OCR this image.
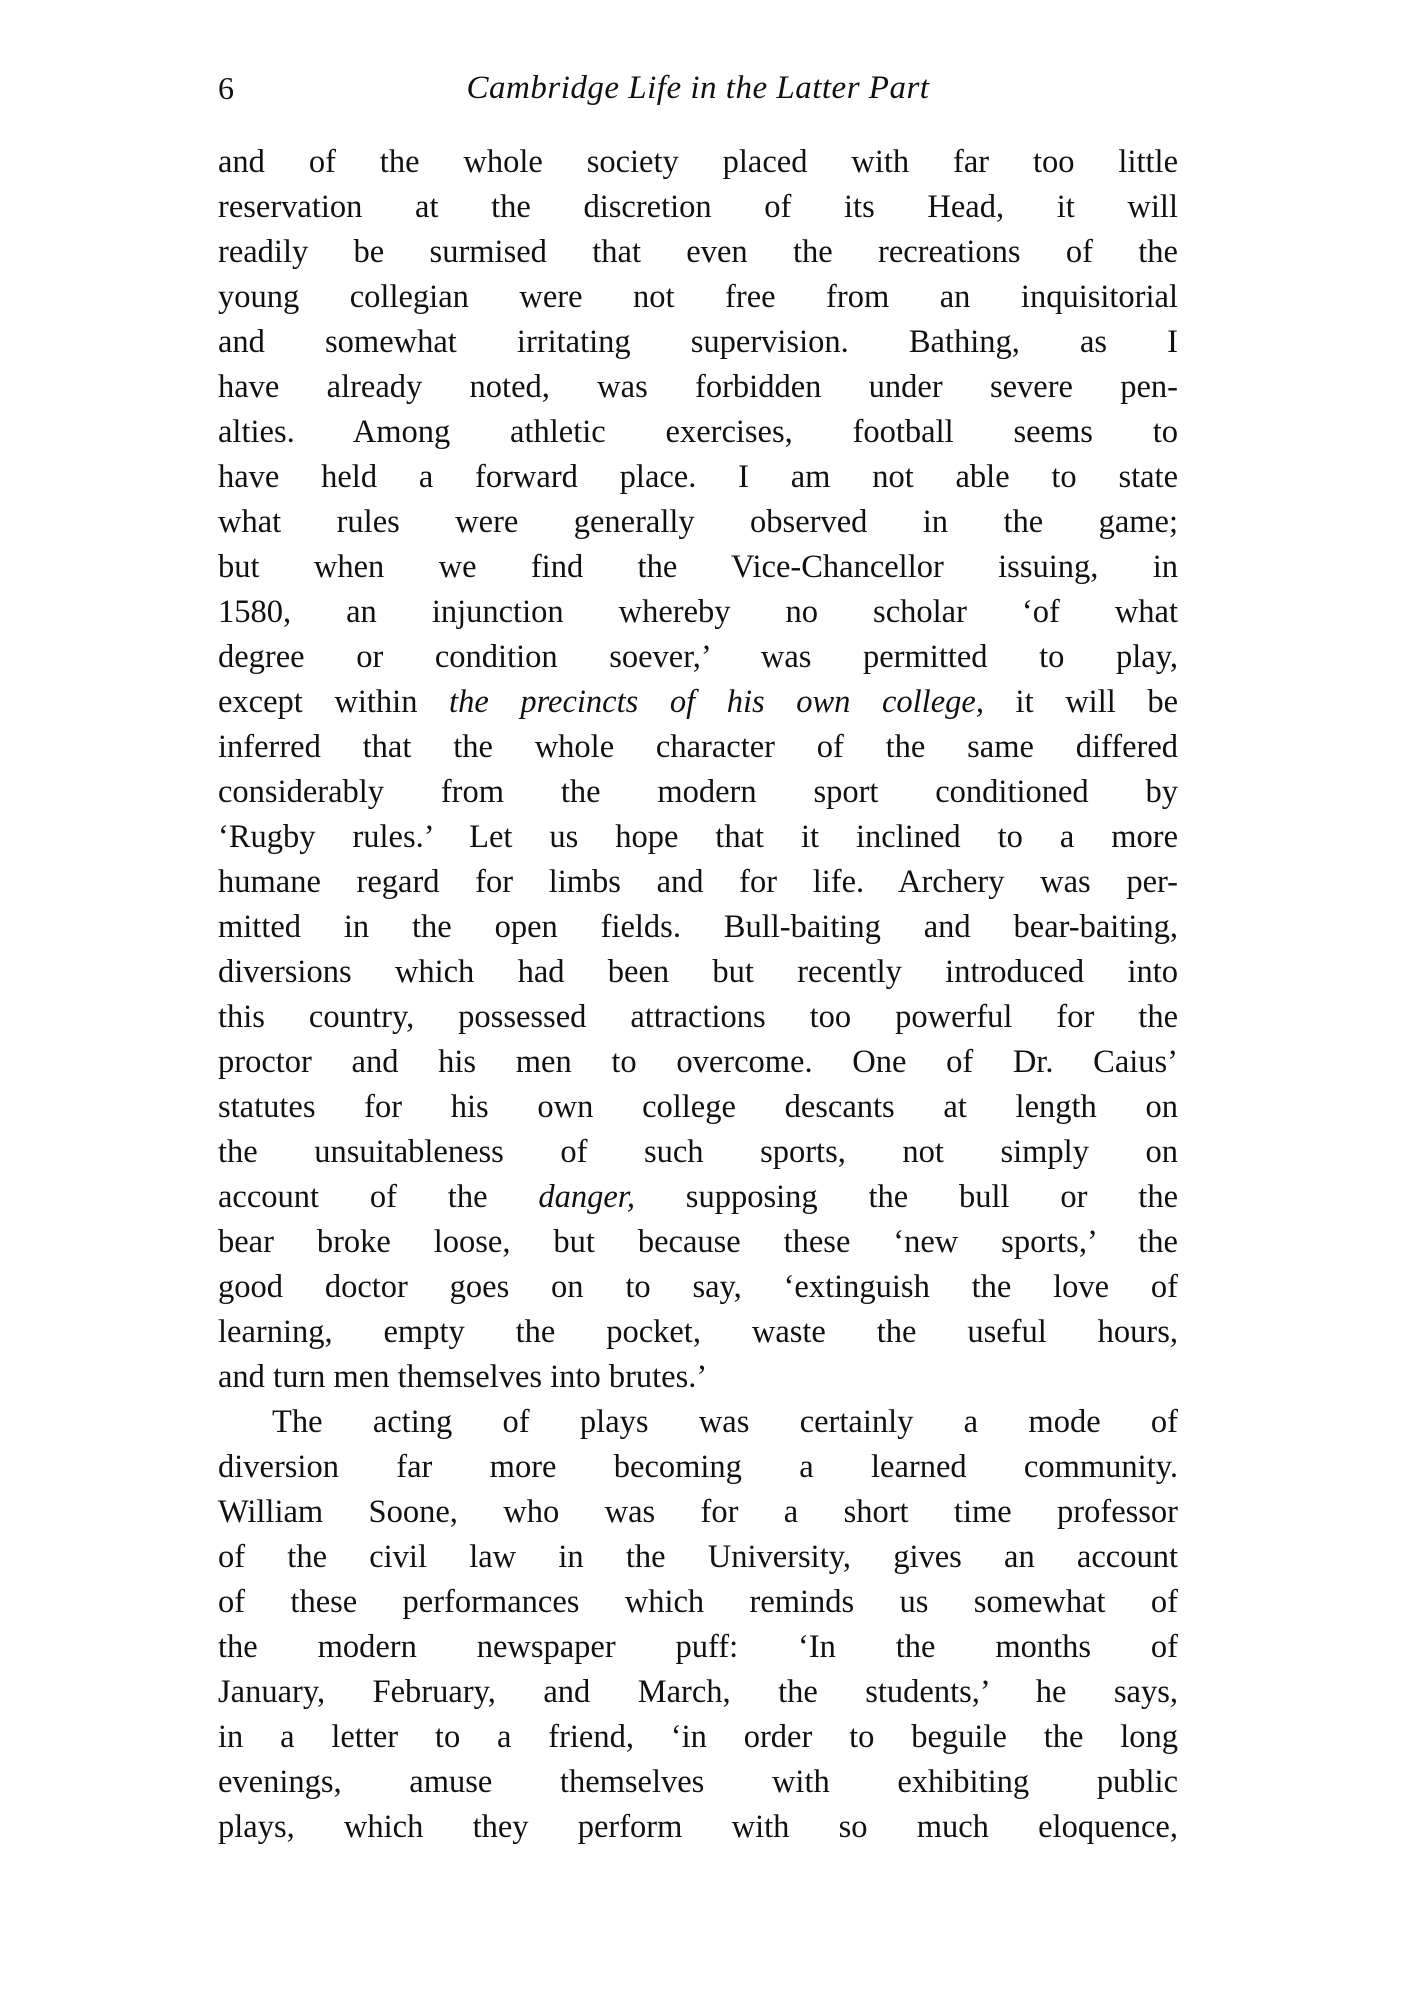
6	Cambridge Life in the Latter Part
and of the whole society placed with far too little
reservation at the discretion of its Head, it will
readily be surmised that even the recreations of the
young collegian were not free from an inquisitorial
and somewhat irritating supervision. Bathing, as I
have already noted, was forbidden under severe pen-
alties. Among athletic exercises, football seems to
have held a forward place. I am not able to state
what rules were generally observed in the game;
but when we find the Vice-Chancellor issuing, in
1580, an injunction whereby no scholar ‘of what
degree or condition soever,’ was permitted to play,
except within the precincts of his own college, it will be
inferred that the whole character of the same differed
considerably from the modern sport conditioned by
‘Rugby rules.’ Let us hope that it inclined to a more
humane regard for limbs and for life. Archery was per-
mitted in the open fields. Bull-baiting and bear-baiting,
diversions which had been but recently introduced into
this country, possessed attractions too powerful for the
proctor and his men to overcome. One of Dr. Caius’
statutes for his own college descants at length on
the unsuitableness of such sports, not simply on
account of the danger, supposing the bull or the
bear broke loose, but because these ‘new sports,’ the
good doctor goes on to say, ‘extinguish the love of
learning, empty the pocket, waste the useful hours,
and turn men themselves into brutes.’
The acting of plays was certainly a mode of
diversion far more becoming a learned community.
William Soone, who was for a short time professor
of the civil law in the University, gives an account
of these performances which reminds us somewhat of
the modern newspaper puff: ‘In the months of
January, February, and March, the students,’ he says,
in a letter to a friend, ‘in order to beguile the long
evenings, amuse themselves with exhibiting public
plays, which they perform with so much eloquence,
